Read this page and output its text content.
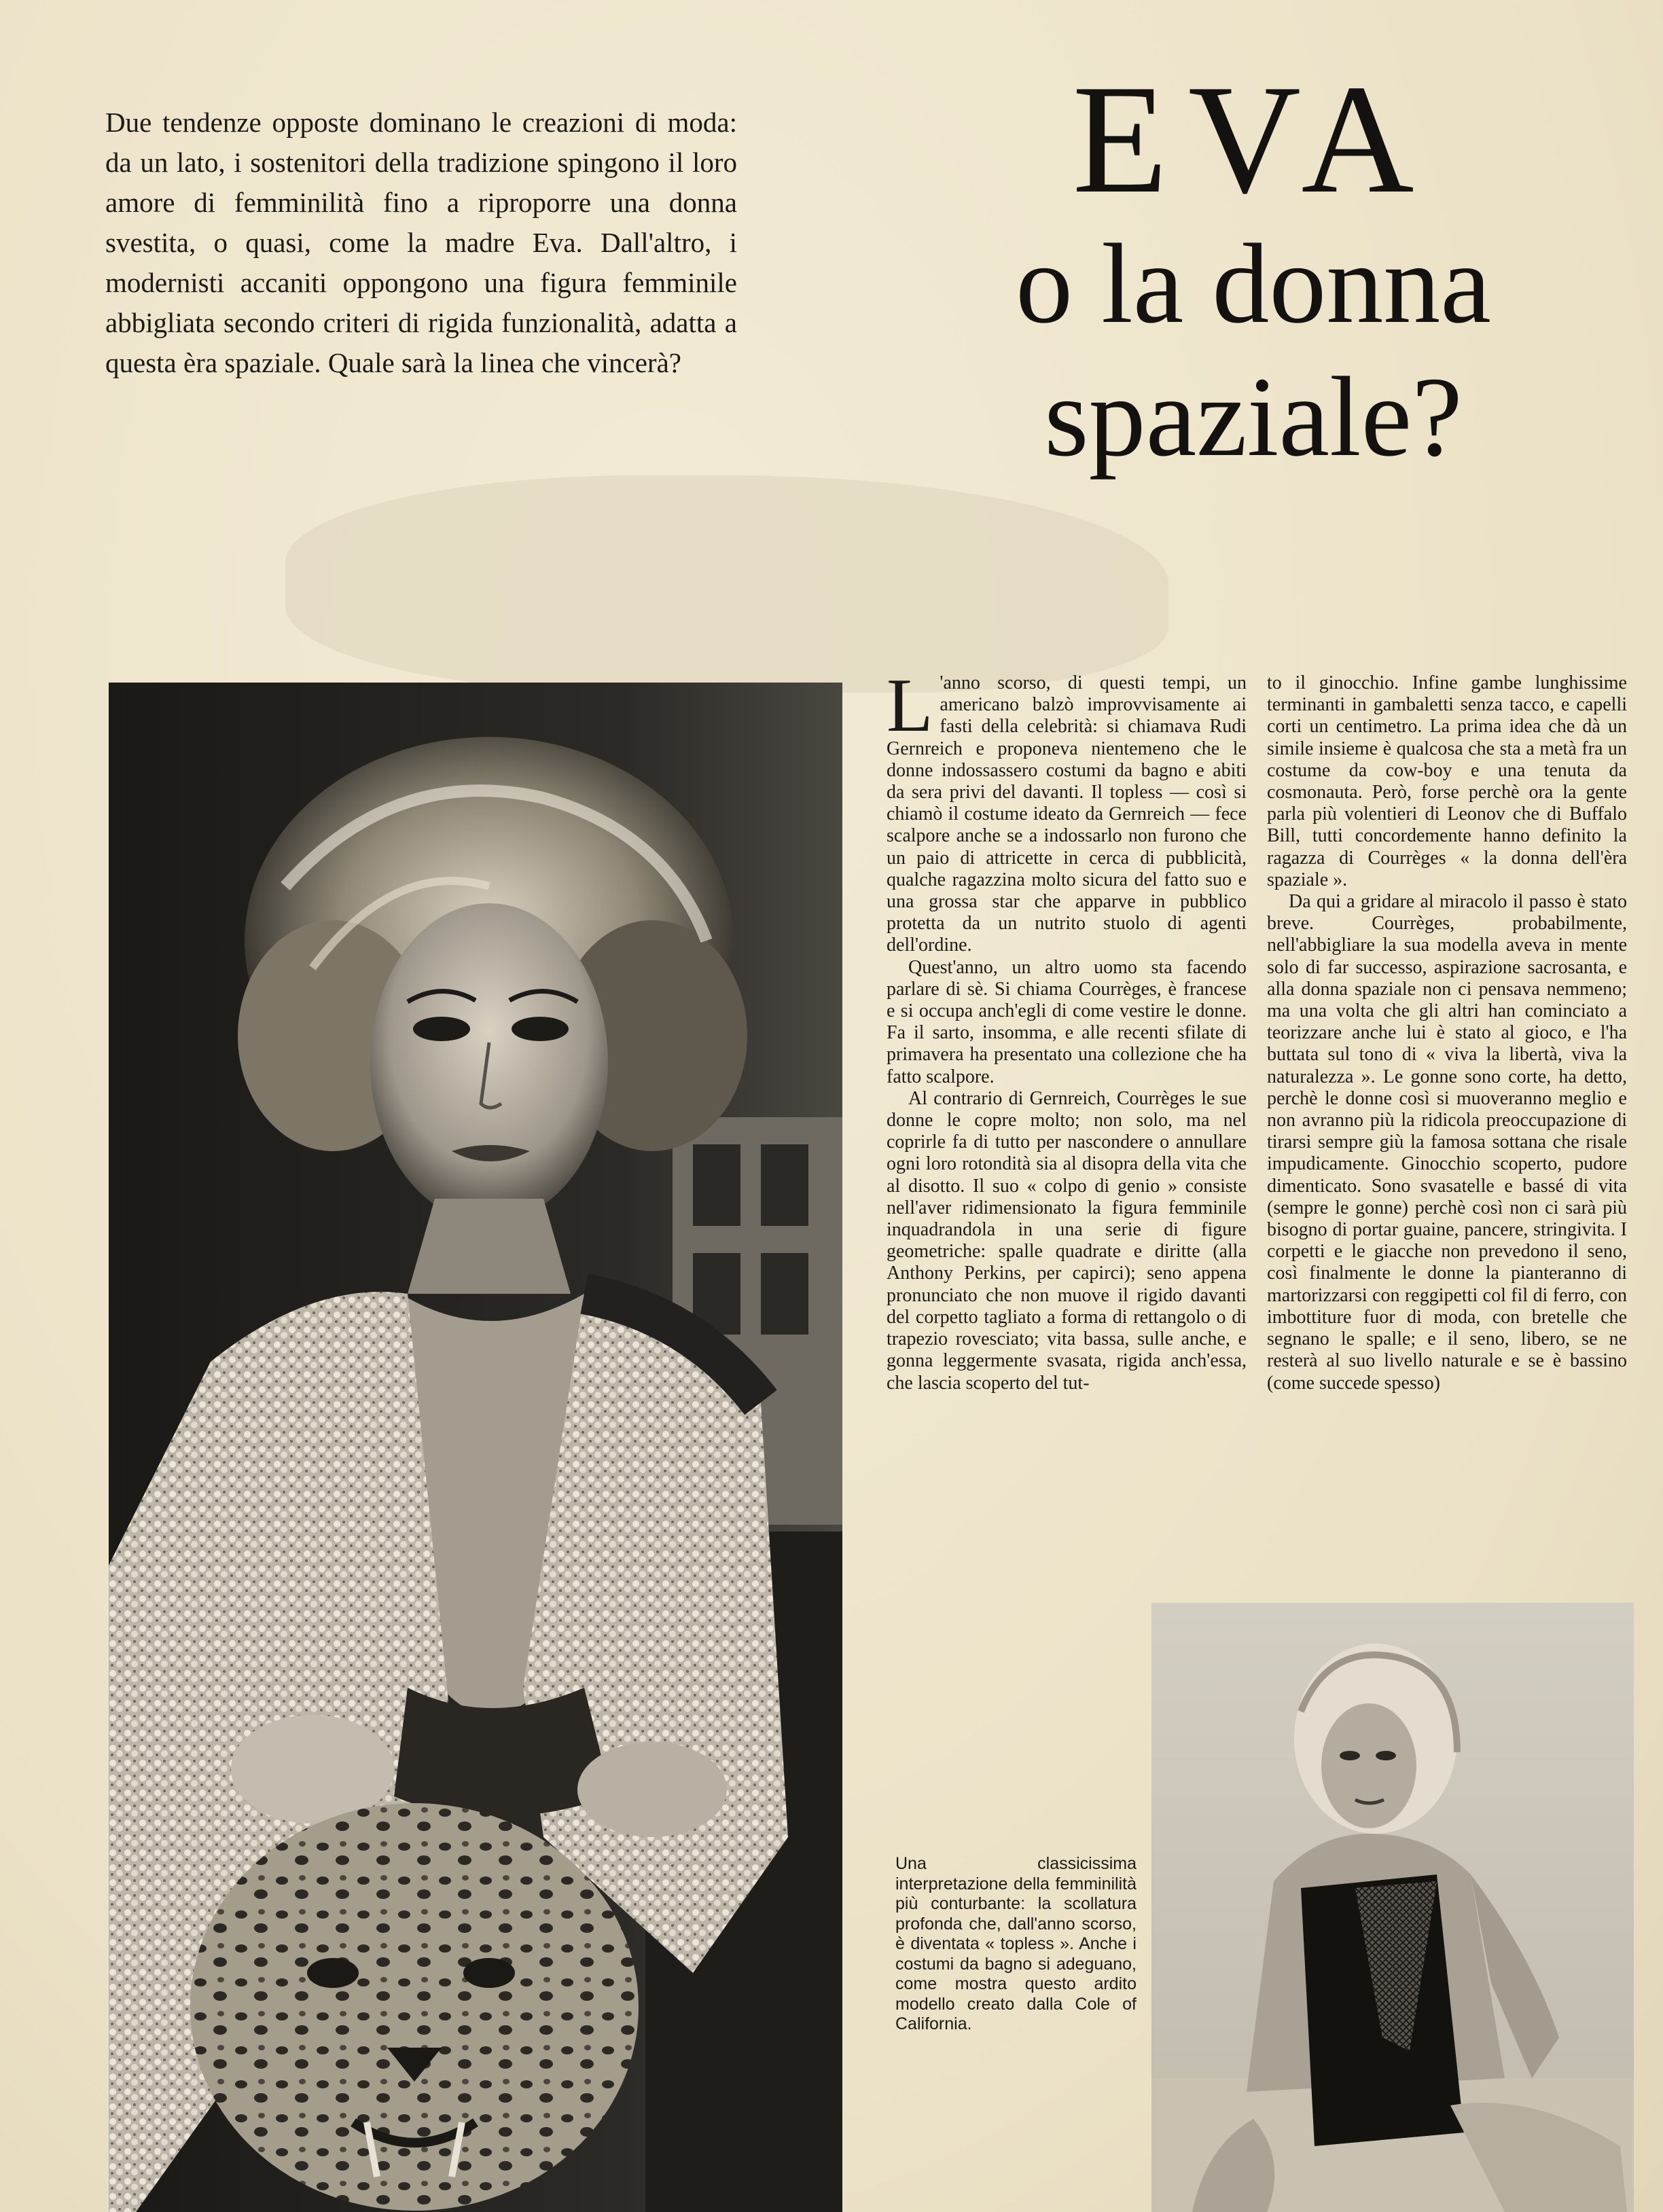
Due tendenze opposte dominano le creazioni di moda: da un lato, i sostenitori della tradizione spingono il loro amore di femminilità fino a riproporre una donna svestita, o quasi, come la madre Eva. Dall'altro, i modernisti accaniti oppongono una figura femminile abbigliata secondo criteri di rigida funzionalità, adatta a questa èra spaziale. Quale sarà la linea che vincerà?

EVA
o la donna
spaziale?

L 'anno scorso, di questi tempi, un americano balzò improvvisamente ai fasti della celebrità: si chiamava Rudi Gernreich e proponeva nientemeno che le donne indossassero costumi da bagno e abiti da sera privi del davanti. Il topless — così si chiamò il costume ideato da Gernreich — fece scalpore anche se a indossarlo non furono che un paio di attricette in cerca di pubblicità, qualche ragazzina molto sicura del fatto suo e una grossa star che apparve in pubblico protetta da un nutrito stuolo di agenti dell'ordine.

Quest'anno, un altro uomo sta facendo parlare di sè. Si chiama Courrèges, è francese e si occupa anch'egli di come vestire le donne. Fa il sarto, insomma, e alle recenti sfilate di primavera ha presentato una collezione che ha fatto scalpore.

Al contrario di Gernreich, Courrèges le sue donne le copre molto; non solo, ma nel coprirle fa di tutto per nascondere o annullare ogni loro rotondità sia al disopra della vita che al disotto. Il suo « colpo di genio » consiste nell'aver ridimensionato la figura femminile inquadrandola in una serie di figure geometriche: spalle quadrate e diritte (alla Anthony Perkins, per capirci); seno appena pronunciato che non muove il rigido davanti del corpetto tagliato a forma di rettangolo o di trapezio rovesciato; vita bassa, sulle anche, e gonna leggermente svasata, rigida anch'essa, che lascia scoperto del tut-

to il ginocchio. Infine gambe lunghissime terminanti in gambaletti senza tacco, e capelli corti un centimetro. La prima idea che dà un simile insieme è qualcosa che sta a metà fra un costume da cow-boy e una tenuta da cosmonauta. Però, forse perchè ora la gente parla più volentieri di Leonov che di Buffalo Bill, tutti concordemente hanno definito la ragazza di Courrèges « la donna dell'èra spaziale ».

Da qui a gridare al miracolo il passo è stato breve. Courrèges, probabilmente, nell'abbigliare la sua modella aveva in mente solo di far successo, aspirazione sacrosanta, e alla donna spaziale non ci pensava nemmeno; ma una volta che gli altri han cominciato a teorizzare anche lui è stato al gioco, e l'ha buttata sul tono di « viva la libertà, viva la naturalezza ». Le gonne sono corte, ha detto, perchè le donne così si muoveranno meglio e non avranno più la ridicola preoccupazione di tirarsi sempre giù la famosa sottana che risale impudicamente. Ginocchio scoperto, pudore dimenticato. Sono svasatelle e bassé di vita (sempre le gonne) perchè così non ci sarà più bisogno di portar guaine, pancere, stringivita. I corpetti e le giacche non prevedono il seno, così finalmente le donne la pianteranno di martorizzarsi con reggipetti col fil di ferro, con imbottiture fuor di moda, con bretelle che segnano le spalle; e il seno, libero, se ne resterà al suo livello naturale e se è bassino (come succede spesso)

Una classicissima interpretazione della femminilità più conturbante: la scollatura profonda che, dall'anno scorso, è diventata « topless ». Anche i costumi da bagno si adeguano, come mostra questo ardito modello creato dalla Cole of California.
